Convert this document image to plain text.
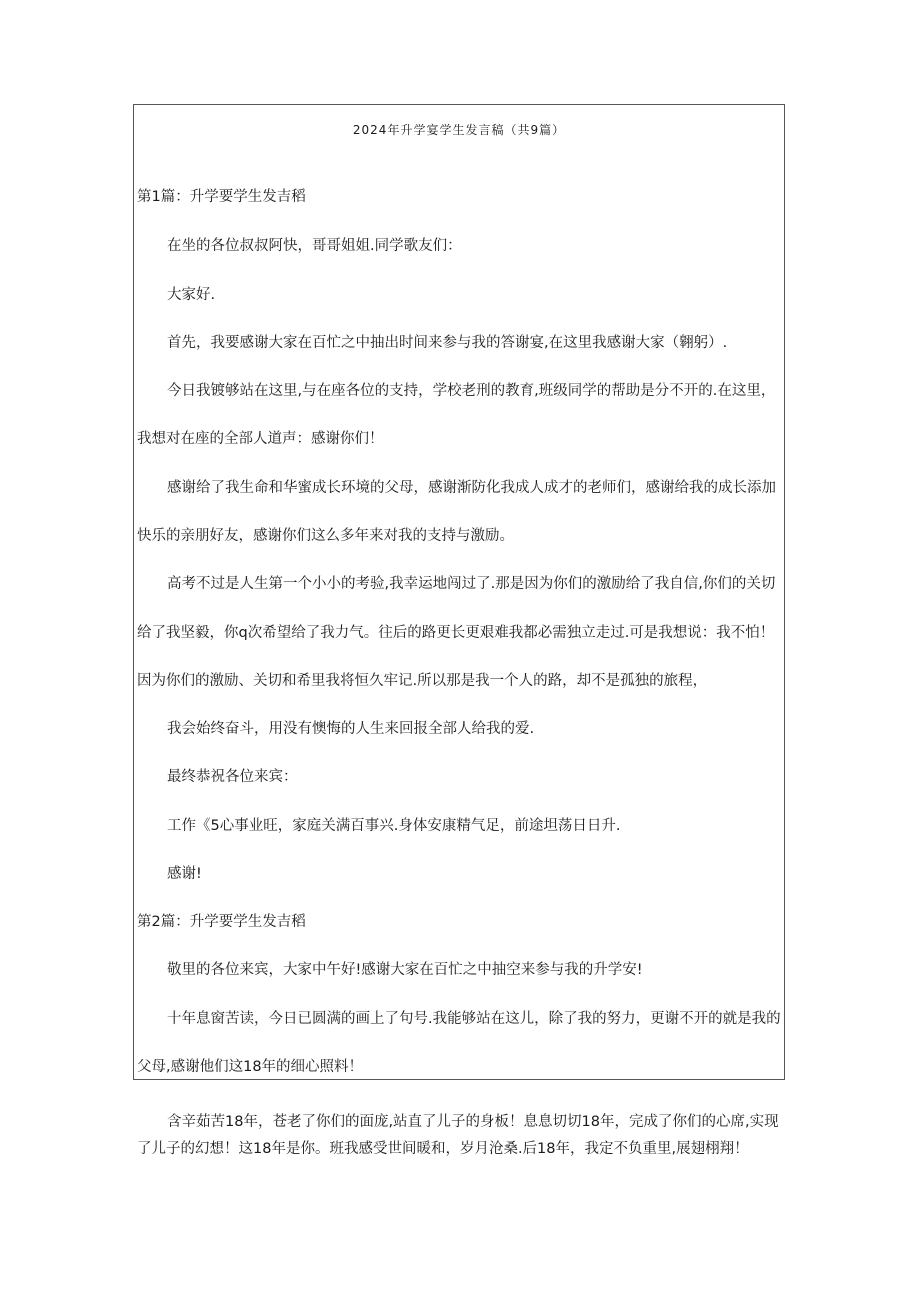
2024年升学宴学生发言稿（共9篇）
第1篇：升学要学生发吉稻
在坐的各位叔叔阿快，哥哥姐姐.同学歌友们：
大家好.
首先，我要感谢大家在百忙之中抽出时间来参与我的答谢宴,在这里我感谢大家（翱躬）.
今日我镀够站在这里,与在座各位的支持，学校老刑的教育,班级同学的帮助是分不开的.在这里，
我想对在座的全部人道声：感谢你们！
感谢给了我生命和华蜜成长环境的父母，感谢渐防化我成人成才的老师们，感谢给我的成长添加
快乐的亲朋好友，感谢你们这么多年来对我的支持与激励。
高考不过是人生第一个小小的考验,我幸运地闯过了.那是因为你们的激励给了我自信,你们的关切
给了我坚毅，你q次希望给了我力气。往后的路更长更艰难我都必需独立走过.可是我想说：我不怕！
因为你们的激励、关切和希里我将恒久牢记.所以那是我一个人的路，却不是孤独的旅程，
我会始终奋斗，用没有懊悔的人生来回报全部人给我的爱.
最终恭祝各位来宾：
工作《5心事业旺，家庭关满百事兴.身体安康精气足，前途坦荡日日升.
感谢!
第2篇：升学要学生发吉稻
敬里的各位来宾，大家中午好!感谢大家在百忙之中抽空来参与我的升学安!
十年息窗苦读，今日已圆满的画上了句号.我能够站在这儿，除了我的努力，更谢不开的就是我的
父母,感谢他们这18年的细心照料！
含辛茹苦18年，苍老了你们的面庞,站直了儿子的身板！息息切切18年，完成了你们的心席,实现
了儿子的幻想！这18年是你。班我感受世间暖和，岁月沧桑.后18年，我定不负重里,展翅栩翔！
